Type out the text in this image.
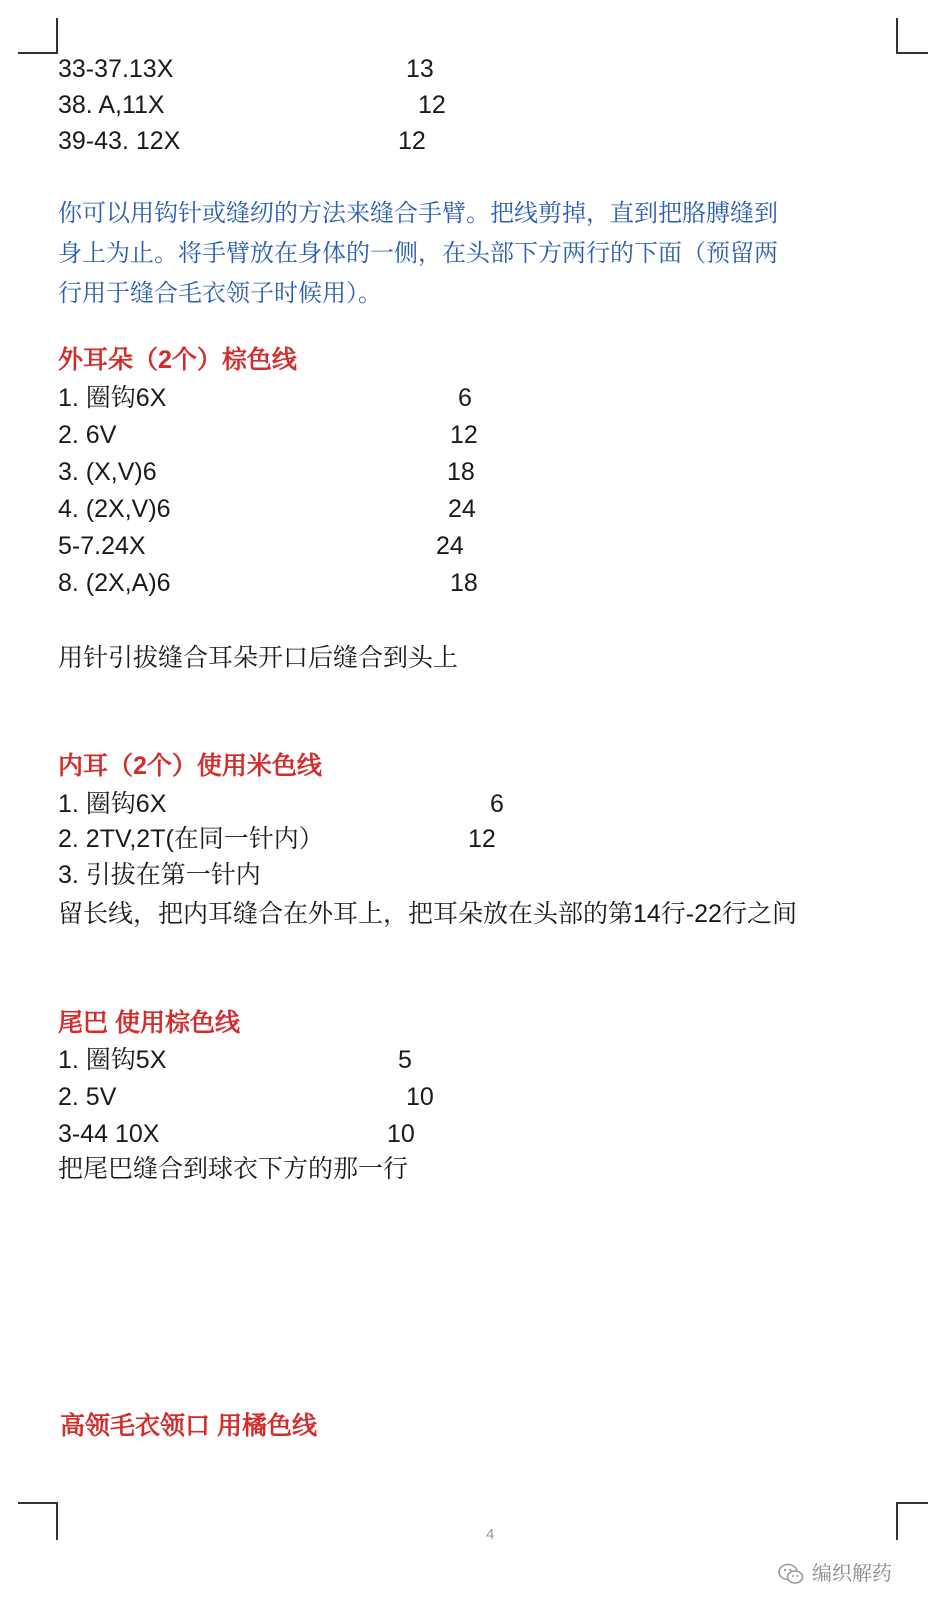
33-37.13X	13
38. A,11X	12
39-43. 12X	12
你可以用钩针或缝纫的方法来缝合手臂。把线剪掉，直到把胳膊缝到
身上为止。将手臂放在身体的一侧，在头部下方两行的下面（预留两
行用于缝合毛衣领子时候用）。
外耳朵（2个）棕色线
1. 圈钩6X	6
2. 6V	12
3. (X,V)6	18
4. (2X,V)6	24
5-7.24X	24
8. (2X,A)6	18
用针引拔缝合耳朵开口后缝合到头上
内耳（2个）使用米色线
1. 圈钩6X	6
2. 2TV,2T(在同一针内）	12
3. 引拔在第一针内
留长线，把内耳缝合在外耳上，把耳朵放在头部的第14行-22行之间
尾巴 使用棕色线
1. 圈钩5X	5
2. 5V	10
3-44 10X	10
把尾巴缝合到球衣下方的那一行
高领毛衣领口 用橘色线
4
编织解药
